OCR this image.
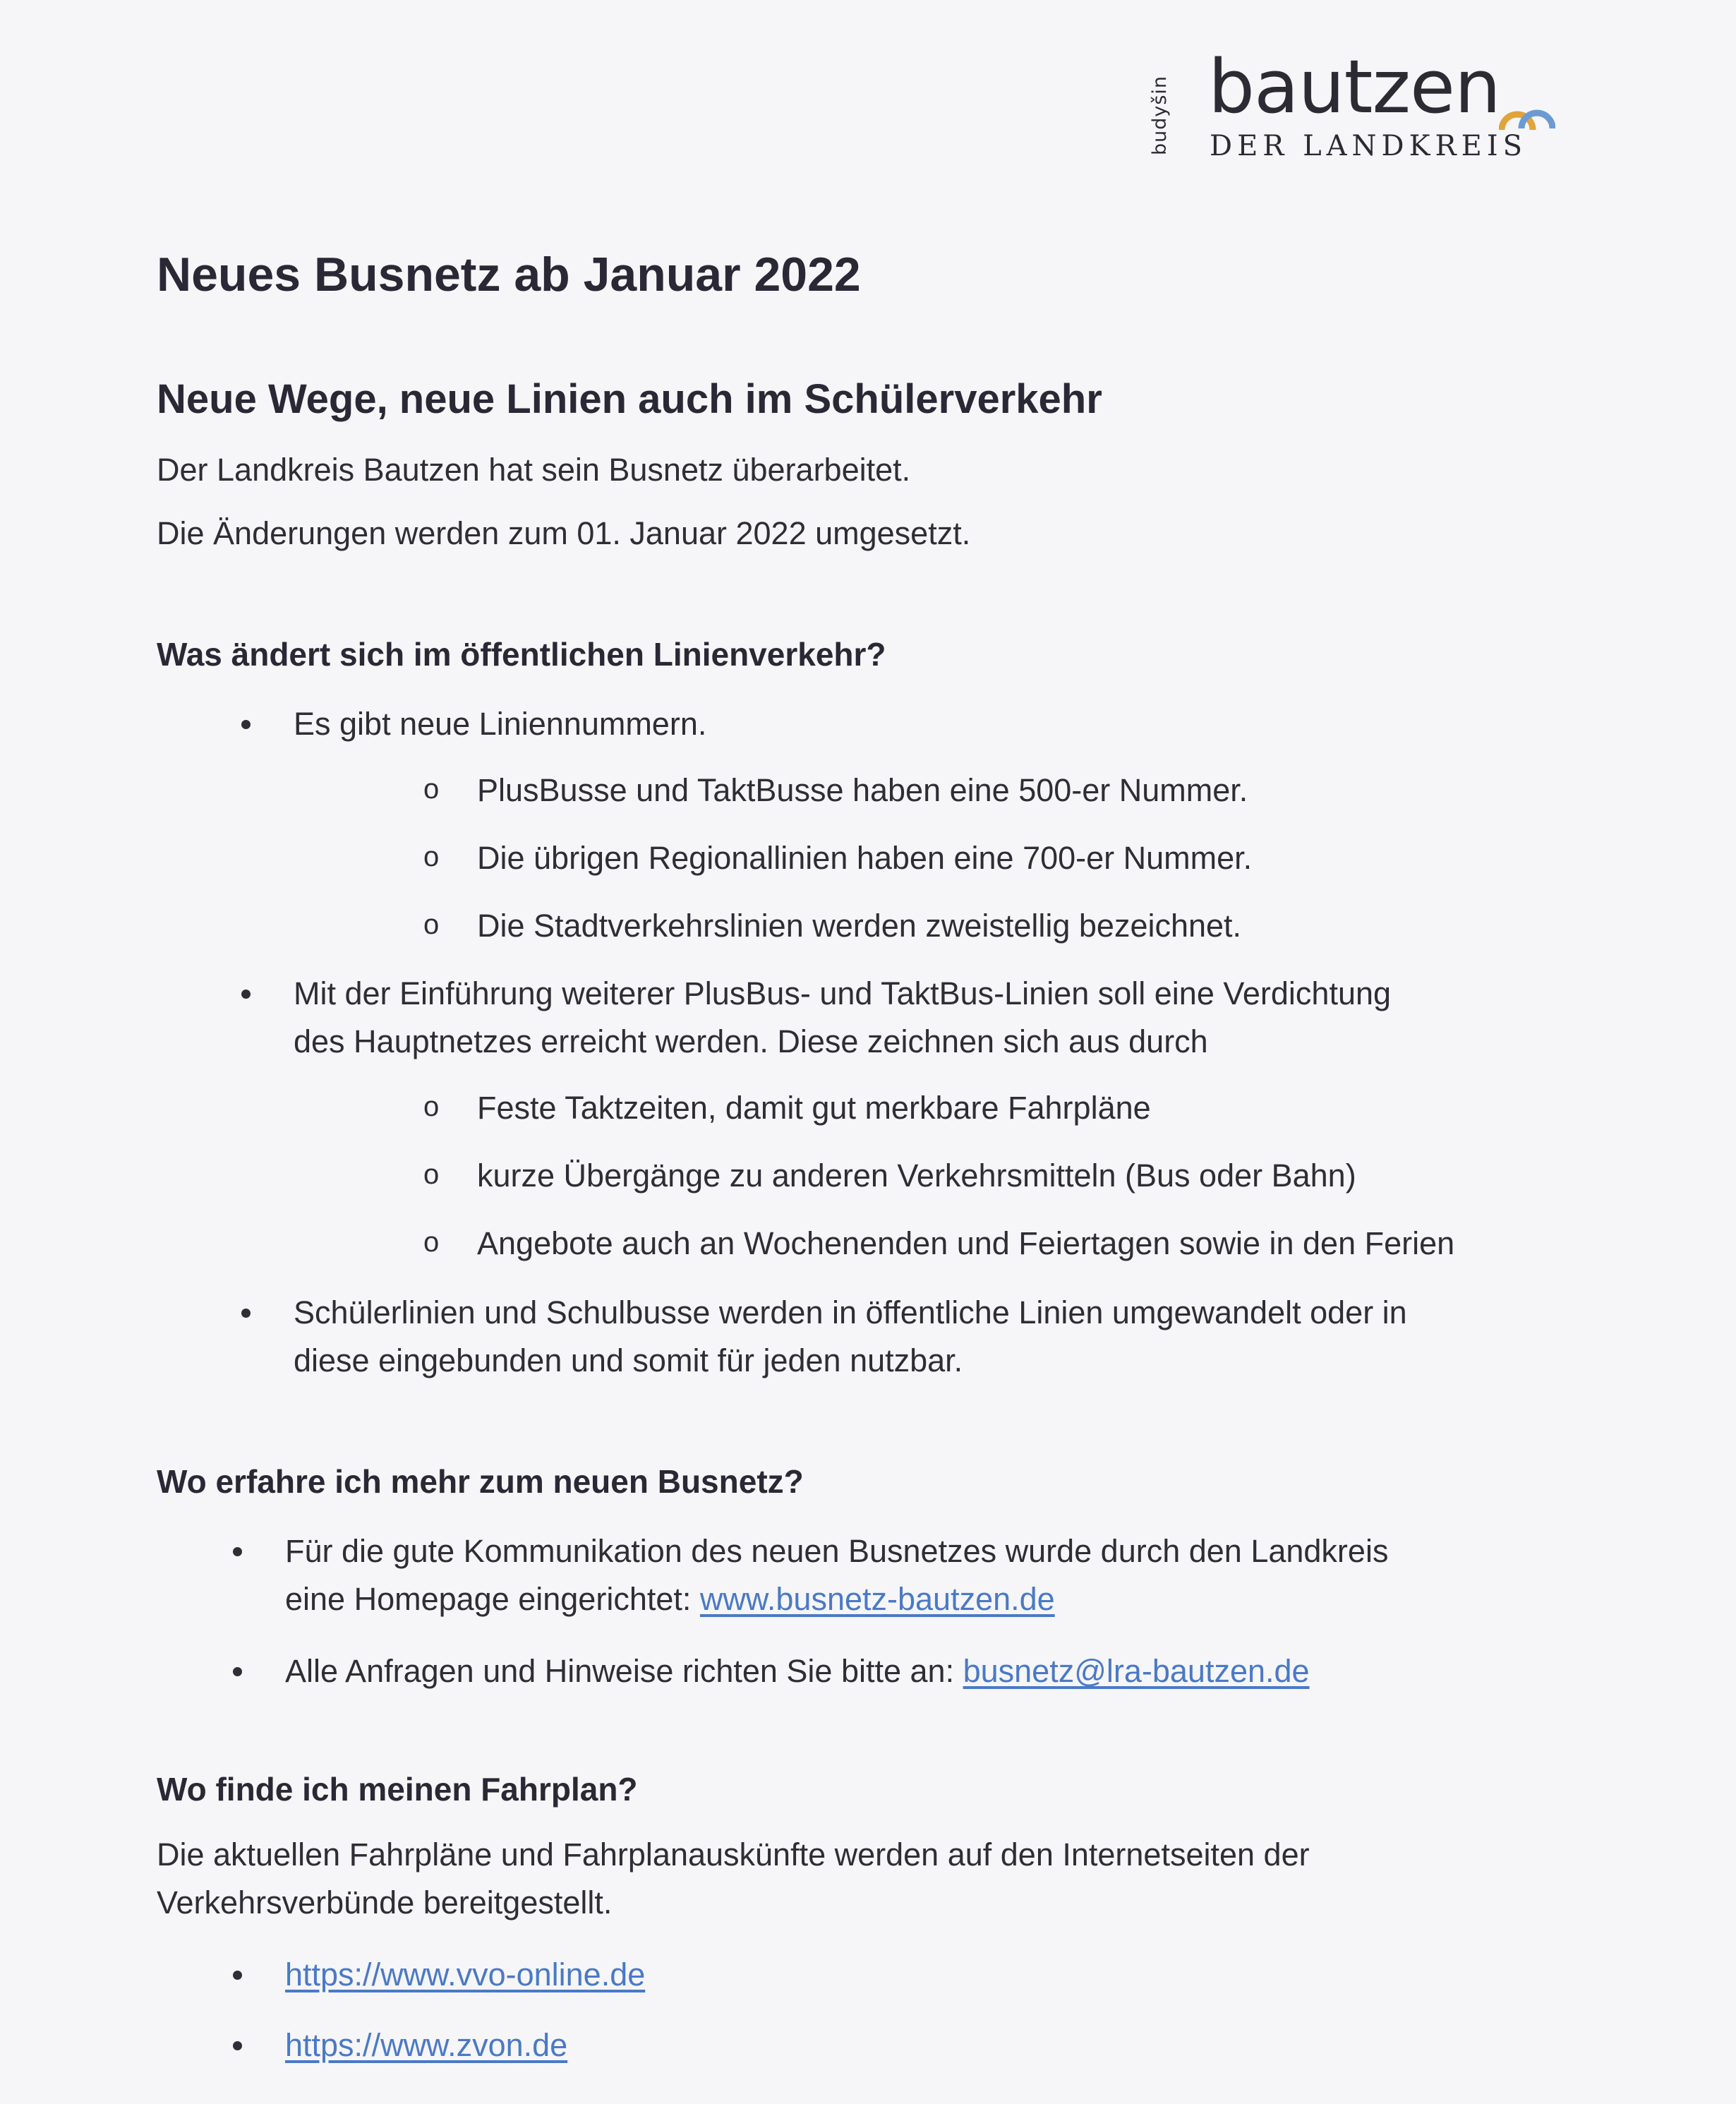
budyšin bautzen
DER LANDKREIS
Neues Busnetz ab Januar 2022
Neue Wege, neue Linien auch im Schülerverkehr
Der Landkreis Bautzen hat sein Busnetz überarbeitet.
Die Änderungen werden zum 01. Januar 2022 umgesetzt.
Was ändert sich im öffentlichen Linienverkehr?
Es gibt neue Liniennummern.
o PlusBusse und TaktBusse haben eine 500-er Nummer.
o Die übrigen Regionallinien haben eine 700-er Nummer.
o Die Stadtverkehrslinien werden zweistellig bezeichnet.
Mit der Einführung weiterer PlusBus- und TaktBus-Linien soll eine Verdichtung
des Hauptnetzes erreicht werden. Diese zeichnen sich aus durch
o Feste Taktzeiten, damit gut merkbare Fahrpläne
o kurze Übergänge zu anderen Verkehrsmitteln (Bus oder Bahn)
o Angebote auch an Wochenenden und Feiertagen sowie in den Ferien
Schülerlinien und Schulbusse werden in öffentliche Linien umgewandelt oder in
diese eingebunden und somit für jeden nutzbar.
Wo erfahre ich mehr zum neuen Busnetz?
Für die gute Kommunikation des neuen Busnetzes wurde durch den Landkreis
eine Homepage eingerichtet: www.busnetz-bautzen.de
Alle Anfragen und Hinweise richten Sie bitte an: busnetz@lra-bautzen.de
Wo finde ich meinen Fahrplan?
Die aktuellen Fahrpläne und Fahrplanauskünfte werden auf den Internetseiten der
Verkehrsverbünde bereitgestellt.
https://www.vvo-online.de
https://www.zvon.de
